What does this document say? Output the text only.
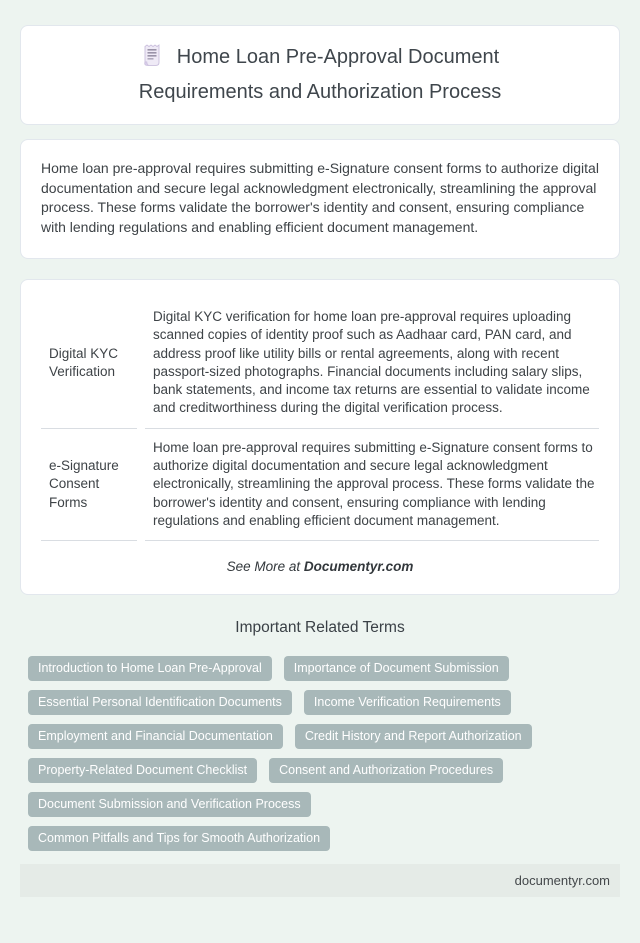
Home Loan Pre-Approval Document Requirements and Authorization Process

Home loan pre-approval requires submitting e-Signature consent forms to authorize digital documentation and secure legal acknowledgment electronically, streamlining the approval process. These forms validate the borrower's identity and consent, ensuring compliance with lending regulations and enabling efficient document management.

Digital KYC Verification	Digital KYC verification for home loan pre-approval requires uploading scanned copies of identity proof such as Aadhaar card, PAN card, and address proof like utility bills or rental agreements, along with recent passport-sized photographs. Financial documents including salary slips, bank statements, and income tax returns are essential to validate income and creditworthiness during the digital verification process.
e-Signature Consent Forms	Home loan pre-approval requires submitting e-Signature consent forms to authorize digital documentation and secure legal acknowledgment electronically, streamlining the approval process. These forms validate the borrower's identity and consent, ensuring compliance with lending regulations and enabling efficient document management.

See More at Documentyr.com

Important Related Terms
Introduction to Home Loan Pre-Approval	Importance of Document Submission
Essential Personal Identification Documents	Income Verification Requirements
Employment and Financial Documentation	Credit History and Report Authorization
Property-Related Document Checklist	Consent and Authorization Procedures
Document Submission and Verification Process
Common Pitfalls and Tips for Smooth Authorization
documentyr.com
